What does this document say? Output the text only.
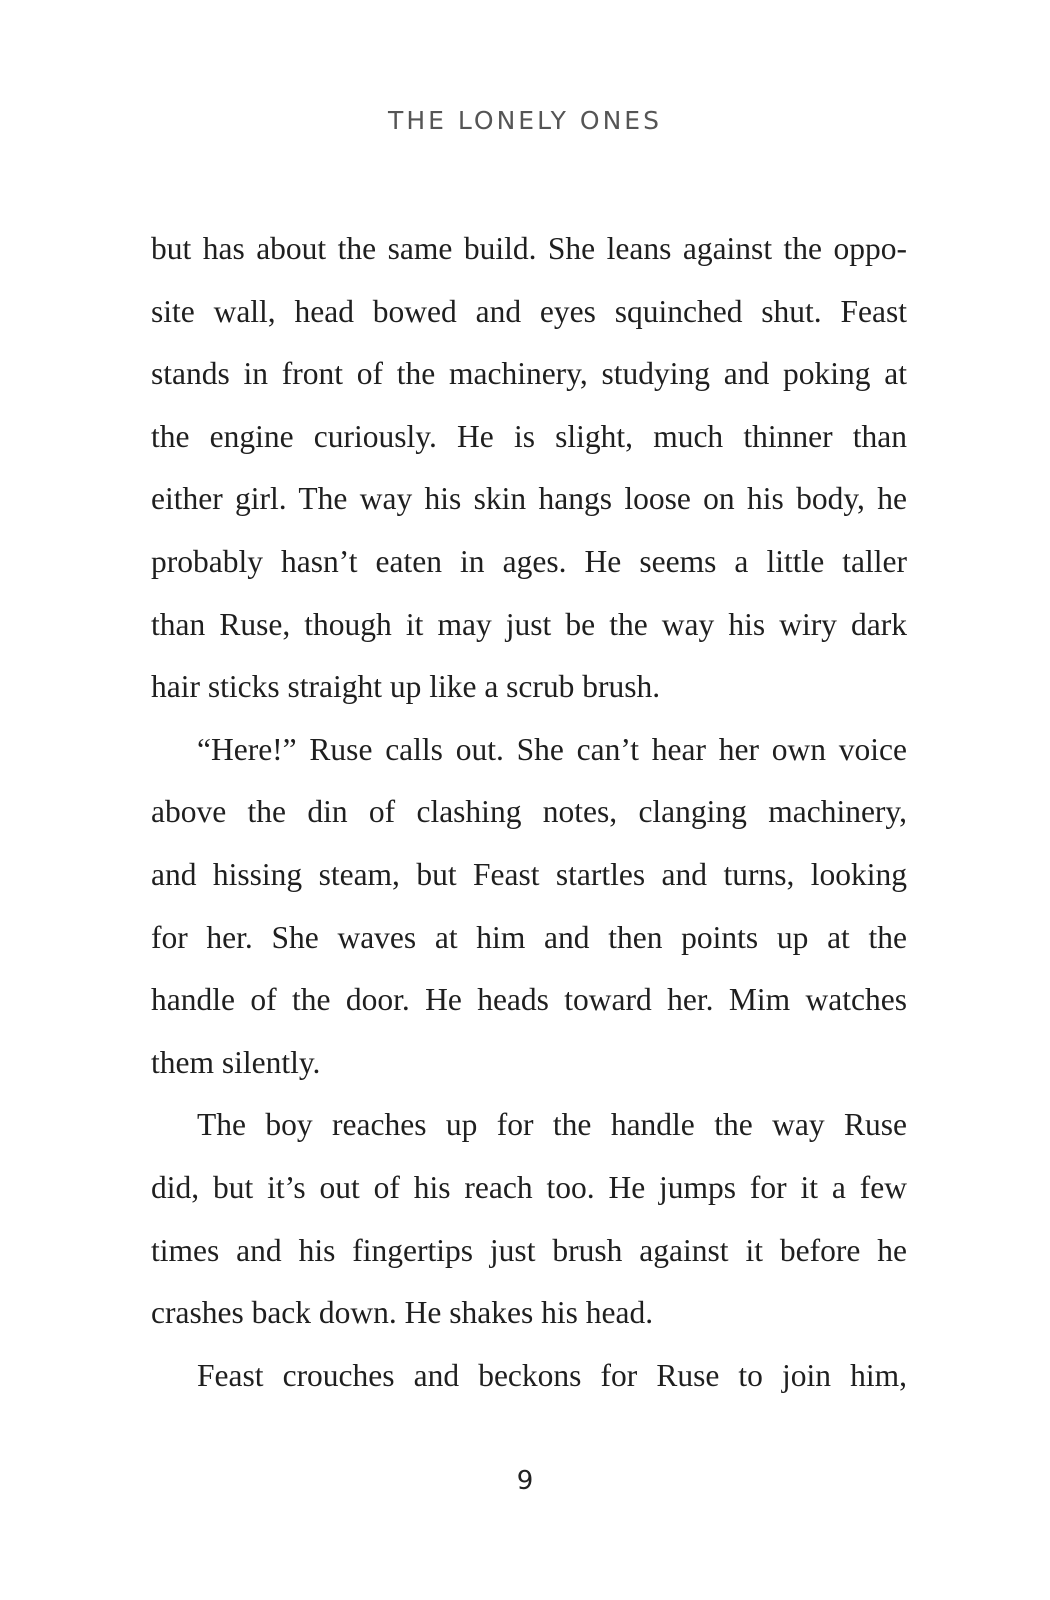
THE LONELY ONES
but has about the same build. She leans against the oppo-
site wall, head bowed and eyes squinched shut. Feast
stands in front of the machinery, studying and poking at
the engine curiously. He is slight, much thinner than
either girl. The way his skin hangs loose on his body, he
probably hasn’t eaten in ages. He seems a little taller
than Ruse, though it may just be the way his wiry dark
hair sticks straight up like a scrub brush.
“Here!” Ruse calls out. She can’t hear her own voice
above the din of clashing notes, clanging machinery,
and hissing steam, but Feast startles and turns, looking
for her. She waves at him and then points up at the
handle of the door. He heads toward her. Mim watches
them silently.
The boy reaches up for the handle the way Ruse
did, but it’s out of his reach too. He jumps for it a few
times and his fingertips just brush against it before he
crashes back down. He shakes his head.
Feast crouches and beckons for Ruse to join him,
9
